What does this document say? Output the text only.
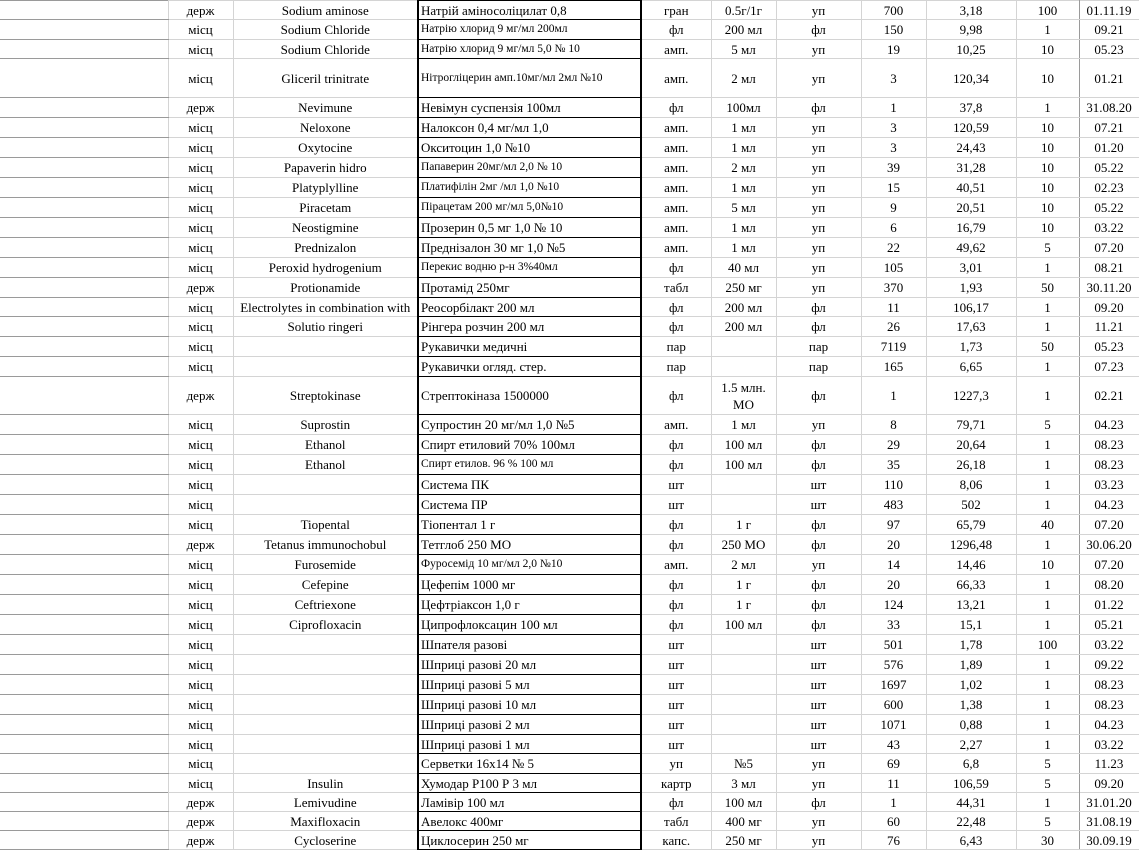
	держ	Sodium aminose	Натрій аміносоліцилат 0,8	гран	0.5г/1г	уп	700	3,18	100	01.11.19
	місц	Sodium Chloride	Натрію хлорид 9 мг/мл 200мл	фл	200 мл	фл	150	9,98	1	09.21
	місц	Sodium Chloride	Натрію хлорид 9 мг/мл 5,0 № 10	амп.	5 мл	уп	19	10,25	10	05.23
	місц	Gliceril trinitrate	Нітрогліцерин амп.10мг/мл 2мл №10	амп.	2 мл	уп	3	120,34	10	01.21
	держ	Nevimune	Невімун суспензія 100мл	фл	100мл	фл	1	37,8	1	31.08.20
	місц	Neloxone	Налоксон 0,4 мг/мл 1,0	амп.	1 мл	уп	3	120,59	10	07.21
	місц	Oxytocine	Окситоцин 1,0 №10	амп.	1 мл	уп	3	24,43	10	01.20
	місц	Papaverin hidro	Папаверин 20мг/мл 2,0 № 10	амп.	2 мл	уп	39	31,28	10	05.22
	місц	Platyplylline	Платифілін 2мг /мл 1,0 №10	амп.	1 мл	уп	15	40,51	10	02.23
	місц	Piracetam	Пірацетам 200 мг/мл 5,0№10	амп.	5 мл	уп	9	20,51	10	05.22
	місц	Neostigmine	Прозерин 0,5 мг 1,0 № 10	амп.	1 мл	уп	6	16,79	10	03.22
	місц	Prednizalon	Преднізалон 30 мг 1,0 №5	амп.	1 мл	уп	22	49,62	5	07.20
	місц	Peroxid hydrogenium	Перекис водню р-н 3%40мл	фл	40 мл	уп	105	3,01	1	08.21
	держ	Protionamide	Протамід 250мг	табл	250 мг	уп	370	1,93	50	30.11.20
	місц	Electrolytes in combination with	Реосорбілакт 200 мл	фл	200 мл	фл	11	106,17	1	09.20
	місц	Solutio ringeri	Рінгера розчин 200 мл	фл	200 мл	фл	26	17,63	1	11.21
	місц		Рукавички медичні	пар		пар	7119	1,73	50	05.23
	місц		Рукавички огляд. стер.	пар		пар	165	6,65	1	07.23
	держ	Streptokinase	Стрептокіназа 1500000	фл	1.5 млн. МО	фл	1	1227,3	1	02.21
	місц	Suprostin	Супростин 20 мг/мл 1,0 №5	амп.	1 мл	уп	8	79,71	5	04.23
	місц	Ethanol	Спирт етиловий 70% 100мл	фл	100 мл	фл	29	20,64	1	08.23
	місц	Ethanol	Спирт етилов. 96 % 100 мл	фл	100 мл	фл	35	26,18	1	08.23
	місц		Система ПК	шт		шт	110	8,06	1	03.23
	місц		Система ПР	шт		шт	483	502	1	04.23
	місц	Tiopental	Тіопентал 1 г	фл	1 г	фл	97	65,79	40	07.20
	держ	Tetanus immunochobul	Тетглоб 250 МО	фл	250 МО	фл	20	1296,48	1	30.06.20
	місц	Furosemide	Фуросемід 10 мг/мл 2,0 №10	амп.	2 мл	уп	14	14,46	10	07.20
	місц	Cefepine	Цефепім 1000 мг	фл	1 г	фл	20	66,33	1	08.20
	місц	Ceftriexone	Цефтріаксон 1,0 г	фл	1 г	фл	124	13,21	1	01.22
	місц	Ciprofloxacin	Ципрофлоксацин 100 мл	фл	100 мл	фл	33	15,1	1	05.21
	місц		Шпателя разові	шт		шт	501	1,78	100	03.22
	місц		Шприці разові 20 мл	шт		шт	576	1,89	1	09.22
	місц		Шприці разові 5 мл	шт		шт	1697	1,02	1	08.23
	місц		Шприці разові 10 мл	шт		шт	600	1,38	1	08.23
	місц		Шприці разові 2 мл	шт		шт	1071	0,88	1	04.23
	місц		Шприці разові 1 мл	шт		шт	43	2,27	1	03.22
	місц		Серветки 16х14 № 5	уп	№5	уп	69	6,8	5	11.23
	місц	Insulin	Хумодар Р100 Р 3 мл	картр	3 мл	уп	11	106,59	5	09.20
	держ	Lemivudine	Ламівір 100 мл	фл	100 мл	фл	1	44,31	1	31.01.20
	держ	Maxifloxacin	Авелокс 400мг	табл	400 мг	уп	60	22,48	5	31.08.19
	держ	Cycloserine	Циклосерин 250 мг	капс.	250 мг	уп	76	6,43	30	30.09.19
